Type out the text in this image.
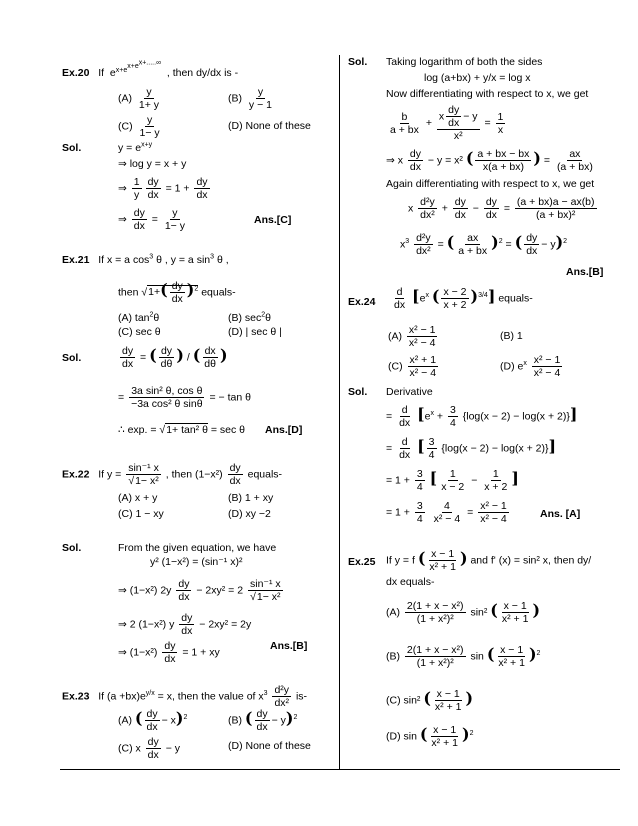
Ex.20 If $e^{x+e^{x+e^{x+.....\infty}}}$  , then dy/dx is -
$(A) \frac{y}{1+ y}$	$(B) \frac{y}{y - 1}$
$(C) \frac{y}{1- y}$	(D) None of these
Sol.	$y = e^{x+y}$
⇒ log y = x + y
⇒ $\frac{1}{y} \frac{dy}{dx} = 1 + \frac{dy}{dx}$
⇒ $\frac{dy}{dx} = \frac{y}{1- y}$	Ans.[C]
Ex.21 If x = a $\cos^3 \theta$ , y = a $\sin^3 \theta$ ,
then $√1+( \frac{dy}{dx} )^2$ equals-
(A) $\tan^2\theta$	(B) $\sec^2\theta$
(C) sec θ	(D) | sec θ |
Sol.	$\frac{dy}{dx}$ = ( $\frac{dy}{d\theta}$ ) / ( $\frac{dx}{d\theta}$ )
= $\frac{\text{3a sin² θ, cos θ}}{\text{−3a cos² θ sinθ}}$ = − tan θ
∴ exp. = √1+ tan² θ = sec θ Ans.[D]
Ex.22 If $y = \frac{\text{sin⁻¹ x}}{\text{√1− x²}}$ , then $(1-x^2) \frac{dy}{dx}$ equals-
(A) x + y	(B) 1 + xy
(C) 1 − xy	(D) xy −2
Sol.	From the given equation, we have
y² (1−x²) = (sin⁻¹ x)²
⇒ (1−x²) $2y \frac{dy}{dx} - 2xy^2 = 2 \frac{\text{sin⁻¹ x}}{\text{√1− x²}}$
⇒ 2 (1−x²) y $\frac{dy}{dx} - 2xy^2 = 2y$
⇒ $(1-x^2) \frac{dy}{dx} = 1$ + xy
Ans.[B]
Ex.23 If $(a +bx)e^{y/x} = x$, then the value of $x^3 \frac{\text{d²y}}{\text{dx²}} is-$
(A) ( $\frac{dy}{dx} - x)^2$	(B) ( $\frac{dy}{dx} - y)^2$
(C) x $\frac{dy}{dx} - y$	(D) None of these
Sol. Taking logarithm of both the sides
log (a+bx) + y/x = log x
Now differentiating with respect to x, we get
$\frac{b}{a + bx}$ +
x $\frac{dy}{dx} - y$
x²
= $\frac{1}{x}$
⇒ x $\frac{dy}{dx} - y = x^2$ ( $\frac{a + bx - bx}{x(a + bx)}$ ) = $\frac{ax}{(a + bx)}$
Again differentiating with respect to x, we get
x $\frac{\text{d²y}}{\text{dx²}} + \frac{dy}{dx} - \frac{dy}{dx} = \frac{(a + bx)a - ax(b)}{\text{(a + bx)²}}$
$x^3 \frac{\text{d²y}}{\text{dx²}}$ = ( $\frac{ax}{a + bx} )^2$ = ( $\frac{dy}{dx} - y)^2$
Ans.[B]
$Ex.24 \frac{d}{dx} [e^x$ ( $\frac{x - 2}{x + 2} )^{3/4}$] equals-
$(A) \frac{\text{x² − 1}}{\text{x² − 4}}$	(B) 1
$(C) \frac{\text{x² + 1}}{\text{x² − 4}}$	(D) $e^x \frac{\text{x² − 1}}{\text{x² − 4}}$
Sol. Derivative
= $\frac{d}{dx} [e^x + \frac{3}{4} \{\log(x - 2) - \log(x + 2)\}]$
= $\frac{d}{dx}$ [ $\frac{3}{4} \{\log(x - 2) - \log(x + 2)\}$]
= $1 + \frac{3}{4}$ [ $\frac{1}{x - 2} - \frac{1}{x + 2}$ ]
= $1 + \frac{3}{4}$
$\frac{4}{\text{x² − 4}} = \frac{\text{x² − 1}}{\text{x² − 4}}$	Ans. [A]
Ex.25 If y = f ( $\frac{x - 1}{\text{x² + 1}}$ ) and f' (x) = sin² x, then dy/
dx equals-
$(A) \frac{\text{2(1 + x − x²)}}{\text{(1 + x²)²}} \sin^2$ ( $\frac{x - 1}{\text{x² + 1}}$ )
$(B) \frac{\text{2(1 + x − x²)}}{\text{(1 + x²)²}}$ sin ( $\frac{x - 1}{\text{x² + 1}} )^2$
(C) sin² ( $\frac{x - 1}{\text{x² + 1}}$ )
(D) sin ( $\frac{x - 1}{\text{x² + 1}} )^2$
